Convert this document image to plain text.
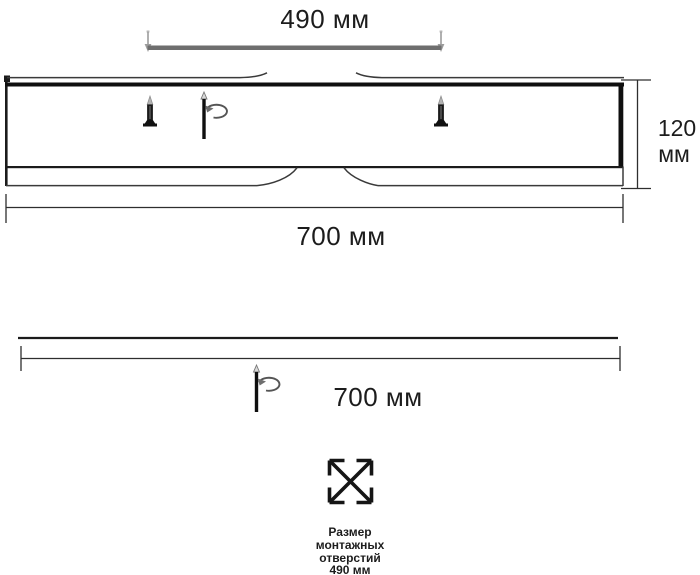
490 мм
120
мм
700 мм
700 мм
Размер
монтажных
отверстий
490 мм
